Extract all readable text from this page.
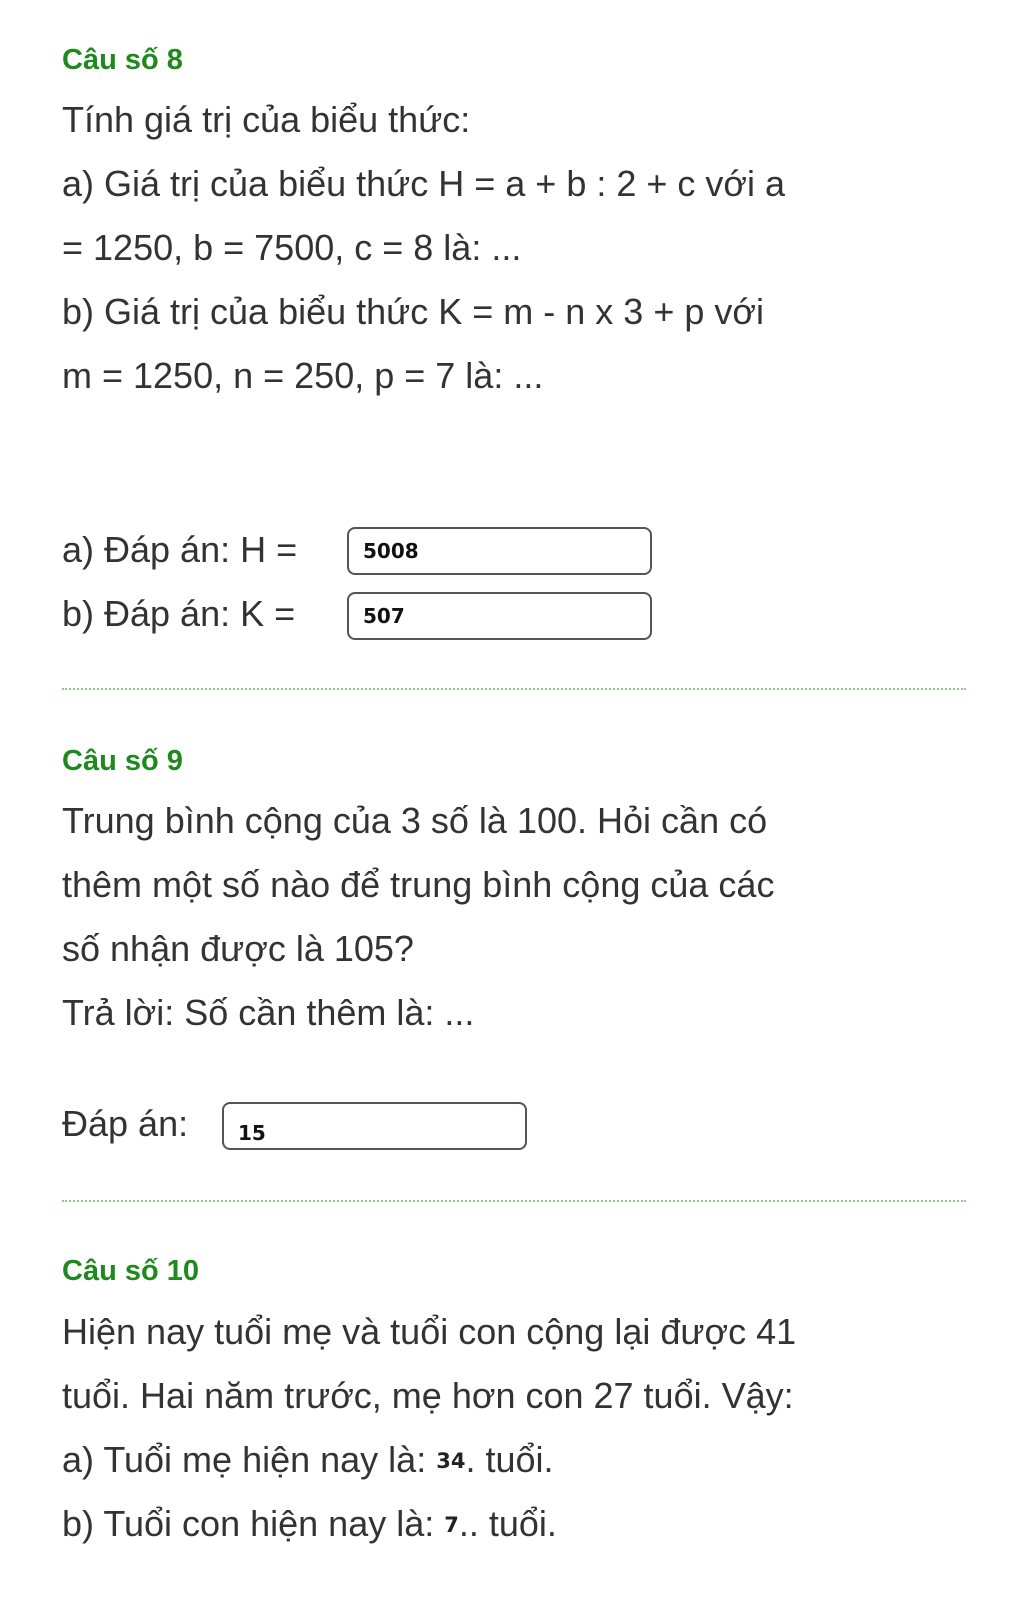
Câu số 8
Tính giá trị của biểu thức:
a) Giá trị của biểu thức H = a + b : 2 + c với a
= 1250, b = 7500, c = 8 là: ...
b) Giá trị của biểu thức K = m - n x 3 + p với
m = 1250, n = 250, p = 7 là: ...
a) Đáp án: H =	5008
b) Đáp án: K =	507
Câu số 9
Trung bình cộng của 3 số là 100. Hỏi cần có
thêm một số nào để trung bình cộng của các
số nhận được là 105?
Trả lời: Số cần thêm là: ...
Đáp án:	15
Câu số 10
Hiện nay tuổi mẹ và tuổi con cộng lại được 41
tuổi. Hai năm trước, mẹ hơn con 27 tuổi. Vậy:
a) Tuổi mẹ hiện nay là: 34. tuổi.
b) Tuổi con hiện nay là: 7.. tuổi.
